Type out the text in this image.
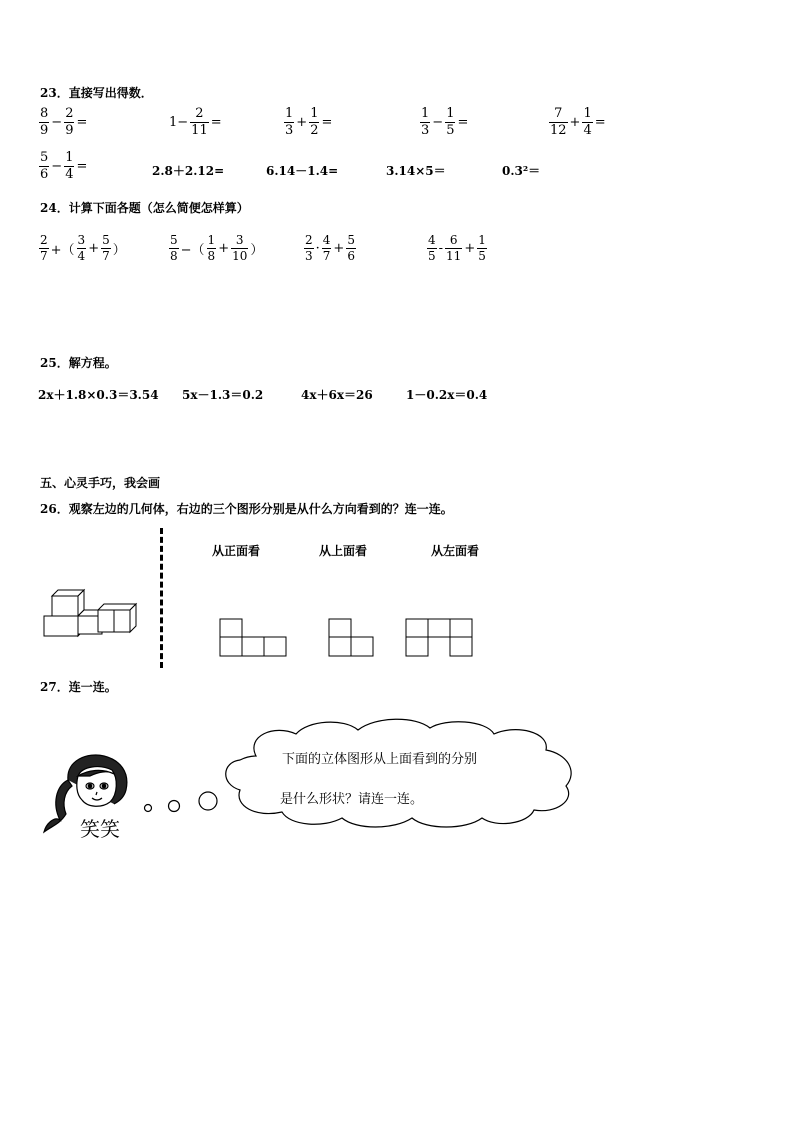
23．直接写出得数．
$\frac{8}{9} - \frac{2}{9}$ =	$1- \frac{2}{11}$ =	$\frac{1}{3} + \frac{1}{2}$ =	$\frac{1}{3} - \frac{1}{5}$ =	$\frac{7}{12} + \frac{1}{4}$ =
$\frac{5}{6} - \frac{1}{4}$ =	2.8＋2.12=	6.14－1.4=	3.14×5＝	0.3²＝
24．计算下面各题（怎么简便怎样算）
$\frac{2}{7}$ +（ $\frac{3}{4} + \frac{5}{7}$ ）	$\frac{5}{8}$ −（ $\frac{1}{8} + \frac{3}{10}$ ）	$\frac{2}{3} \cdot \frac{4}{7} + \frac{5}{6}$	$\frac{4}{5} - \frac{6}{11} + \frac{1}{5}$
25．解方程。
2x＋1.8×0.3＝3.54 5x－1.3＝0.2	4x＋6x＝26	1－0.2x＝0.4
五、心灵手巧，我会画
26．观察左边的几何体，右边的三个图形分别是从什么方向看到的？连一连。
从正面看	从上面看	从左面看
27．连一连。
笑笑
下面的立体图形从上面看到的分别
是什么形状？请连一连。
